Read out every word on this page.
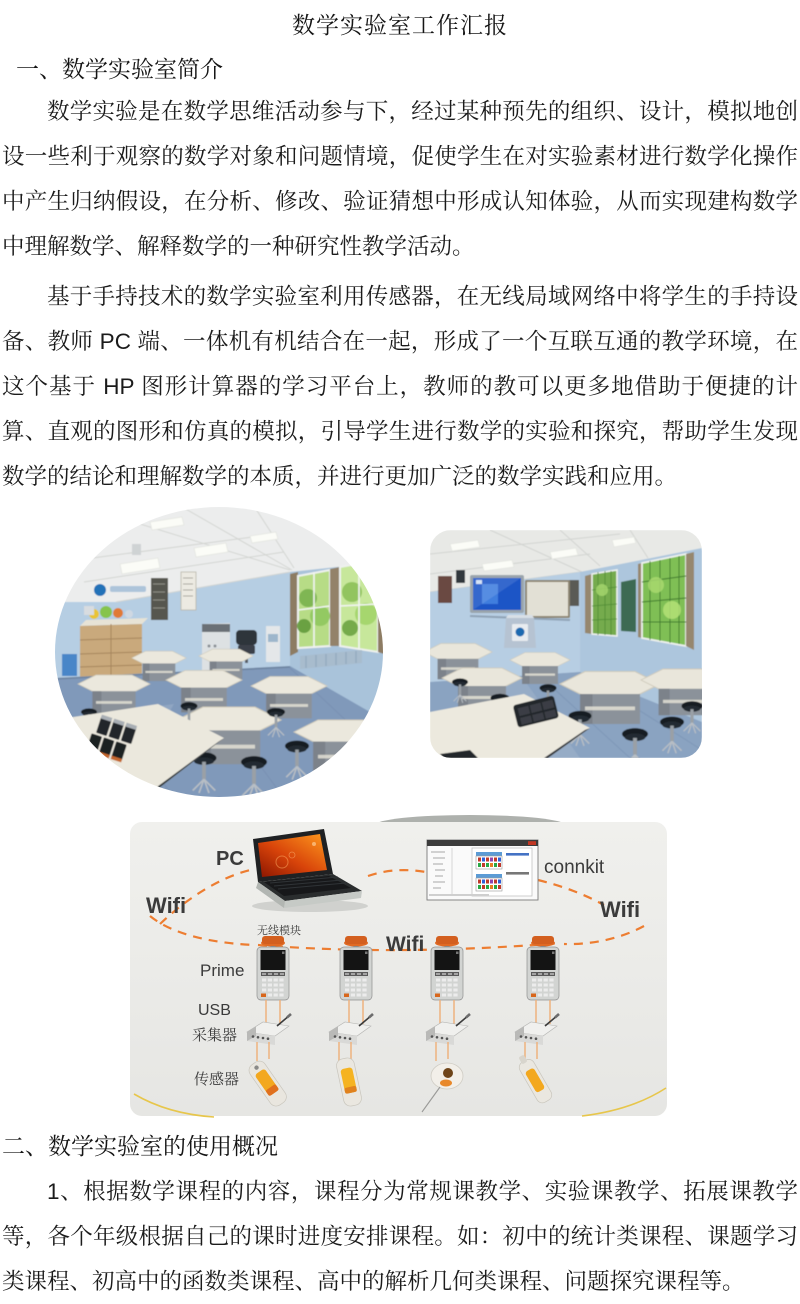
数学实验室工作汇报
一、数学实验室简介
数学实验是在数学思维活动参与下，经过某种预先的组织、设计，模拟地创设一些利于观察的数学对象和问题情境，促使学生在对实验素材进行数学化操作中产生归纳假设，在分析、修改、验证猜想中形成认知体验，从而实现建构数学中理解数学、解释数学的一种研究性教学活动。
基于手持技术的数学实验室利用传感器，在无线局域网络中将学生的手持设备、教师 PC 端、一体机有机结合在一起，形成了一个互联互通的教学环境，在这个基于 HP 图形计算器的学习平台上，教师的教可以更多地借助于便捷的计算、直观的图形和仿真的模拟，引导学生进行数学的实验和探究，帮助学生发现数学的结论和理解数学的本质，并进行更加广泛的数学实践和应用。
Wifi	Wifi
Wifi
PC	connkit
无线模块
Prime
USB
采集器
传感器
二、数学实验室的使用概况
1、根据数学课程的内容，课程分为常规课教学、实验课教学、拓展课教学等，各个年级根据自己的课时进度安排课程。如：初中的统计类课程、课题学习类课程、初高中的函数类课程、高中的解析几何类课程、问题探究课程等。
